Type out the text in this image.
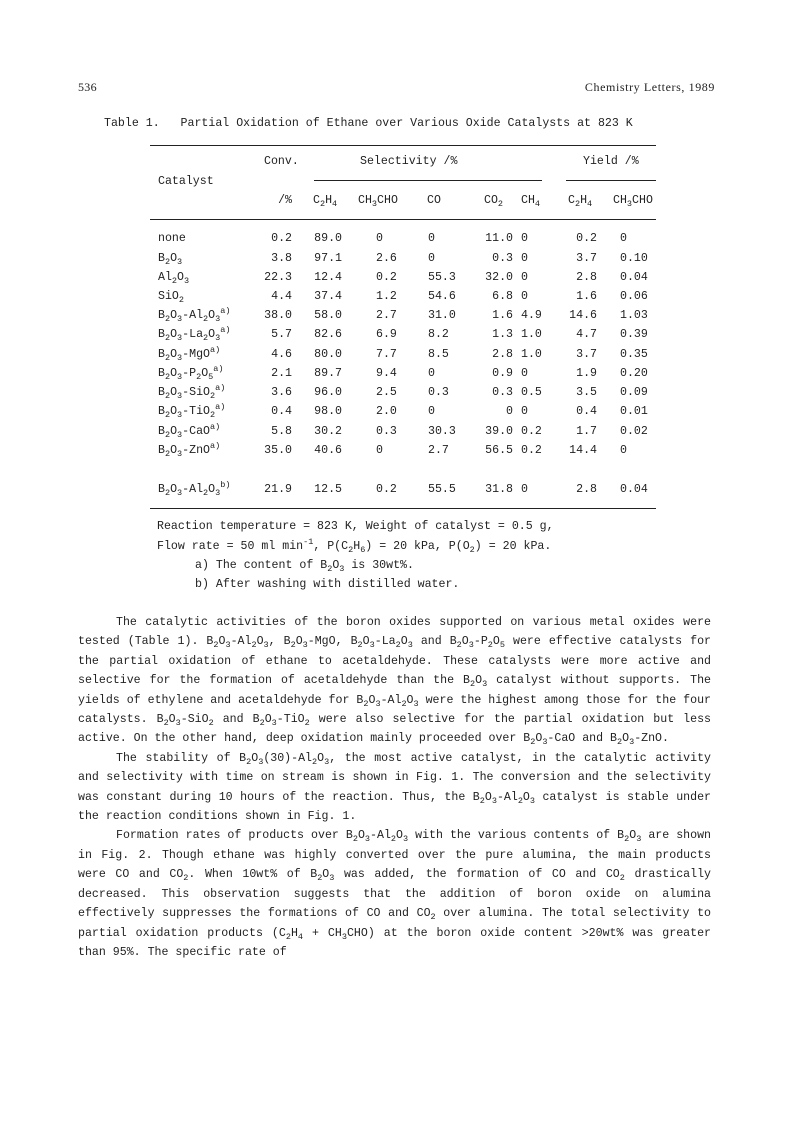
536	Chemistry Letters, 1989
Table 1.   Partial Oxidation of Ethane over Various Oxide Catalysts at 823 K
Conv.	Selectivity /%	Yield /%
Catalyst
/% $C_2H_4$ $CH_3CHO$	CO	$CO_2$ $CH_4$ $C_2H_4$ $CH_3CHO$
none	0.2	89.0	0	0	11.0 0	0.2 0
$B_2O_3$	3.8	97.1	2.6	0	0.3 0	3.7 0.10
$Al_2O_3$	22.3	12.4	0.2	55.3	32.0 0	2.8 0.04
SiO$_2$	4.4	37.4	1.2	54.6	6.8 0	1.6 0.06
$B_2O_3-Al_2O_3^{a)}$	38.0	58.0	2.7	31.0	1.6 4.9	14.6 1.03
$B_2O_3-La_2O_3^{a)}$	5.7	82.6	6.9	8.2	1.3 1.0	4.7 0.39
$B_2O_3-MgO^{a)}$	4.6	80.0	7.7	8.5	2.8 1.0	3.7 0.35
$B_2O_3-P_2O_5^{a)}$	2.1	89.7	9.4	0	0.9 0	1.9 0.20
$B_2O_3-SiO_2^{a)}$	3.6	96.0	2.5	0.3	0.3 0.5	3.5 0.09
$B_2O_3-TiO_2^{a)}$	0.4	98.0	2.0	0	0 0	0.4 0.01
$B_2O_3-CaO^{a)}$	5.8	30.2	0.3	30.3	39.0 0.2	1.7 0.02
$B_2O_3-ZnO^{a)}$	35.0	40.6	0	2.7	56.5 0.2	14.4 0
$B_2O_3-Al_2O_3^{b)}$	21.9	12.5	0.2	55.5	31.8 0	2.8 0.04
Reaction temperature = 823 K, Weight of catalyst = 0.5 g,
Flow rate = 50 ml $\min^{-1}$, $P(C_2H_6) = 20$ kPa, $P(O_2) = 20$ kPa.
a) The content of $B_2O_3$ is 30wt%.
b) After washing with distilled water.

The catalytic activities of the boron oxides supported on various metal oxides were tested (Table 1). $B_2O_3-Al_2O_3$, $B_2O_3$-MgO, $B_2O_3-La_2O_3$ and $B_2O_3-P_2O_5$ were effective catalysts for the partial oxidation of ethane to acetaldehyde. These catalysts were more active and selective for the formation of acetaldehyde than the $B_2O_3$ catalyst without supports. The yields of ethylene and acetaldehyde for $B_2O_3-Al_2O_3$ were the highest among those for the four catalysts. $B_2O_3-SiO_2$ and $B_2O_3-TiO_2$ were also selective for the partial oxidation but less active. On the other hand, deep oxidation mainly proceeded over $B_2O_3$-CaO and $B_2O_3$-ZnO.

The stability of $B_2O_3(30)-Al_2O_3$, the most active catalyst, in the catalytic activity and selectivity with time on stream is shown in Fig. 1. The conversion and the selectivity was constant during 10 hours of the reaction. Thus, the $B_2O_3-Al_2O_3$ catalyst is stable under the reaction conditions shown in Fig. 1.

Formation rates of products over $B_2O_3-Al_2O_3$ with the various contents of $B_2O_3$ are shown in Fig. 2. Though ethane was highly converted over the pure alumina, the main products were CO and $CO_2$. When 10wt% of $B_2O_3$ was added, the formation of CO and $CO_2$ drastically decreased. This observation suggests that the addition of boron oxide on alumina effectively suppresses the formations of CO and $CO_2$ over alumina. The total selectivity to partial oxidation products $(C_2H_4 + CH_3CHO)$ at the boron oxide content >20wt% was greater than 95%. The specific rate of
